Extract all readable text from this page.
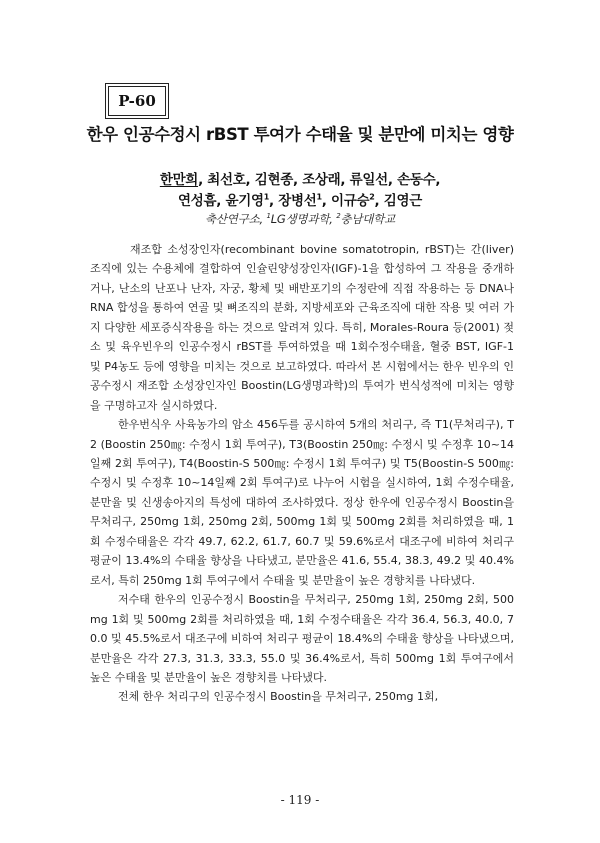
P-60
한우 인공수정시 rBST 투여가 수태율 및 분만에 미치는 영향
한만희, 최선호, 김현종, 조상래, 류일선, 손동수,
연성흠, 윤기영$^1$, 장병선$^1$, 이규승$^2$, 김영근
축산연구소, $^1$LG생명과학, $^2$충남대학교

재조합 소성장인자(recombinant bovine somatotropin, rBST)는 간(liver)조직에 있는 수용체에 결합하여 인슐린양성장인자(IGF)-1을 합성하여 그 작용을 중개하거나, 난소의 난포나 난자, 자궁, 황체 및 배반포기의 수정란에 직접 작용하는 등 DNA나 RNA 합성을 통하여 연골 및 뼈조직의 분화, 지방세포와 근육조직에 대한 작용 및 여러 가지 다양한 세포증식작용을 하는 것으로 알려져 있다. 특히, Morales-Roura 등(2001) 젖소 및 육우빈우의 인공수정시 rBST를 투여하였을 때 1회수정수태율, 혈중 BST, IGF-1 및 P4농도 등에 영향을 미치는 것으로 보고하였다. 따라서 본 시험에서는 한우 빈우의 인공수정시 재조합 소성장인자인 Boostin(LG생명과학)의 투여가 번식성적에 미치는 영향을 구명하고자 실시하였다.

한우번식우 사육농가의 암소 456두를 공시하여 5개의 처리구, 즉 T1(무처리구), T2 (Boostin 250㎎: 수정시 1회 투여구), T3(Boostin 250㎎: 수정시 및 수정후 10~14일째 2회 투여구), T4(Boostin-S 500㎎: 수정시 1회 투여구) 및 T5(Boostin-S 500㎎: 수정시 및 수정후 10~14일째 2회 투여구)로 나누어 시험을 실시하여, 1회 수정수태율, 분만율 및 신생송아지의 특성에 대하여 조사하였다. 정상 한우에 인공수정시 Boostin을 무처리구, 250mg 1회, 250mg 2회, 500mg 1회 및 500mg 2회를 처리하였을 때, 1회 수정수태율은 각각 49.7, 62.2, 61.7, 60.7 및 59.6%로서 대조구에 비하여 처리구 평균이 13.4%의 수태율 향상을 나타냈고, 분만율은 41.6, 55.4, 38.3, 49.2 및 40.4%로서, 특히 250mg 1회 투여구에서 수태율 및 분만율이 높은 경향치를 나타냈다.

저수태 한우의 인공수정시 Boostin을 무처리구, 250mg 1회, 250mg 2회, 500mg 1회 및 500mg 2회를 처리하였을 때, 1회 수정수태율은 각각 36.4, 56.3, 40.0, 70.0 및 45.5%로서 대조구에 비하여 처리구 평균이 18.4%의 수태율 향상을 나타냈으며, 분만율은 각각 27.3, 31.3, 33.3, 55.0 및 36.4%로서, 특히 500mg 1회 투여구에서 높은 수태율 및 분만율이 높은 경향치를 나타냈다.

전체 한우 처리구의 인공수정시 Boostin을 무처리구, 250mg 1회,

- 119 -
